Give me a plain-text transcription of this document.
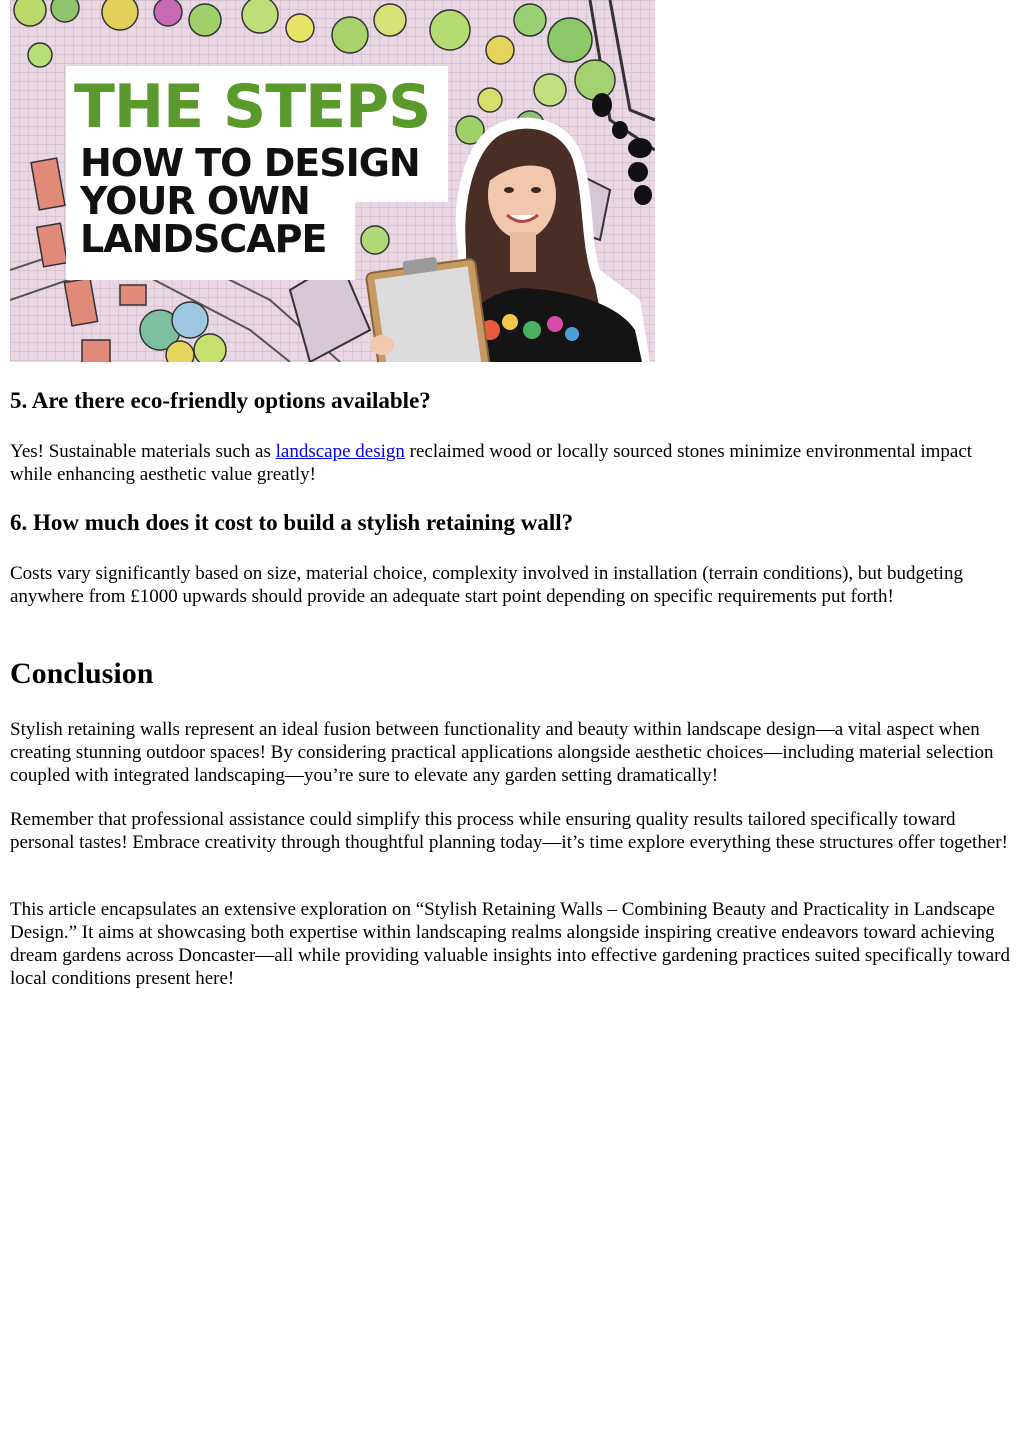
THE STEPS
HOW TO DESIGN
YOUR OWN
LANDSCAPE
5. Are there eco-friendly options available?

Yes! Sustainable materials such as landscape design reclaimed wood or locally sourced stones minimize environmental impact while enhancing aesthetic value greatly!

6. How much does it cost to build a stylish retaining wall?

Costs vary significantly based on size, material choice, complexity involved in installation (terrain conditions), but budgeting anywhere from £1000 upwards should provide an adequate start point depending on specific requirements put forth!

Conclusion

Stylish retaining walls represent an ideal fusion between functionality and beauty within landscape design—a vital aspect when creating stunning outdoor spaces! By considering practical applications alongside aesthetic choices—including material selection coupled with integrated landscaping—you’re sure to elevate any garden setting dramatically!

Remember that professional assistance could simplify this process while ensuring quality results tailored specifically toward personal tastes! Embrace creativity through thoughtful planning today—it’s time explore everything these structures offer together!

This article encapsulates an extensive exploration on “Stylish Retaining Walls – Combining Beauty and Practicality in Landscape Design.” It aims at showcasing both expertise within landscaping realms alongside inspiring creative endeavors toward achieving dream gardens across Doncaster—all while providing valuable insights into effective gardening practices suited specifically toward local conditions present here!
